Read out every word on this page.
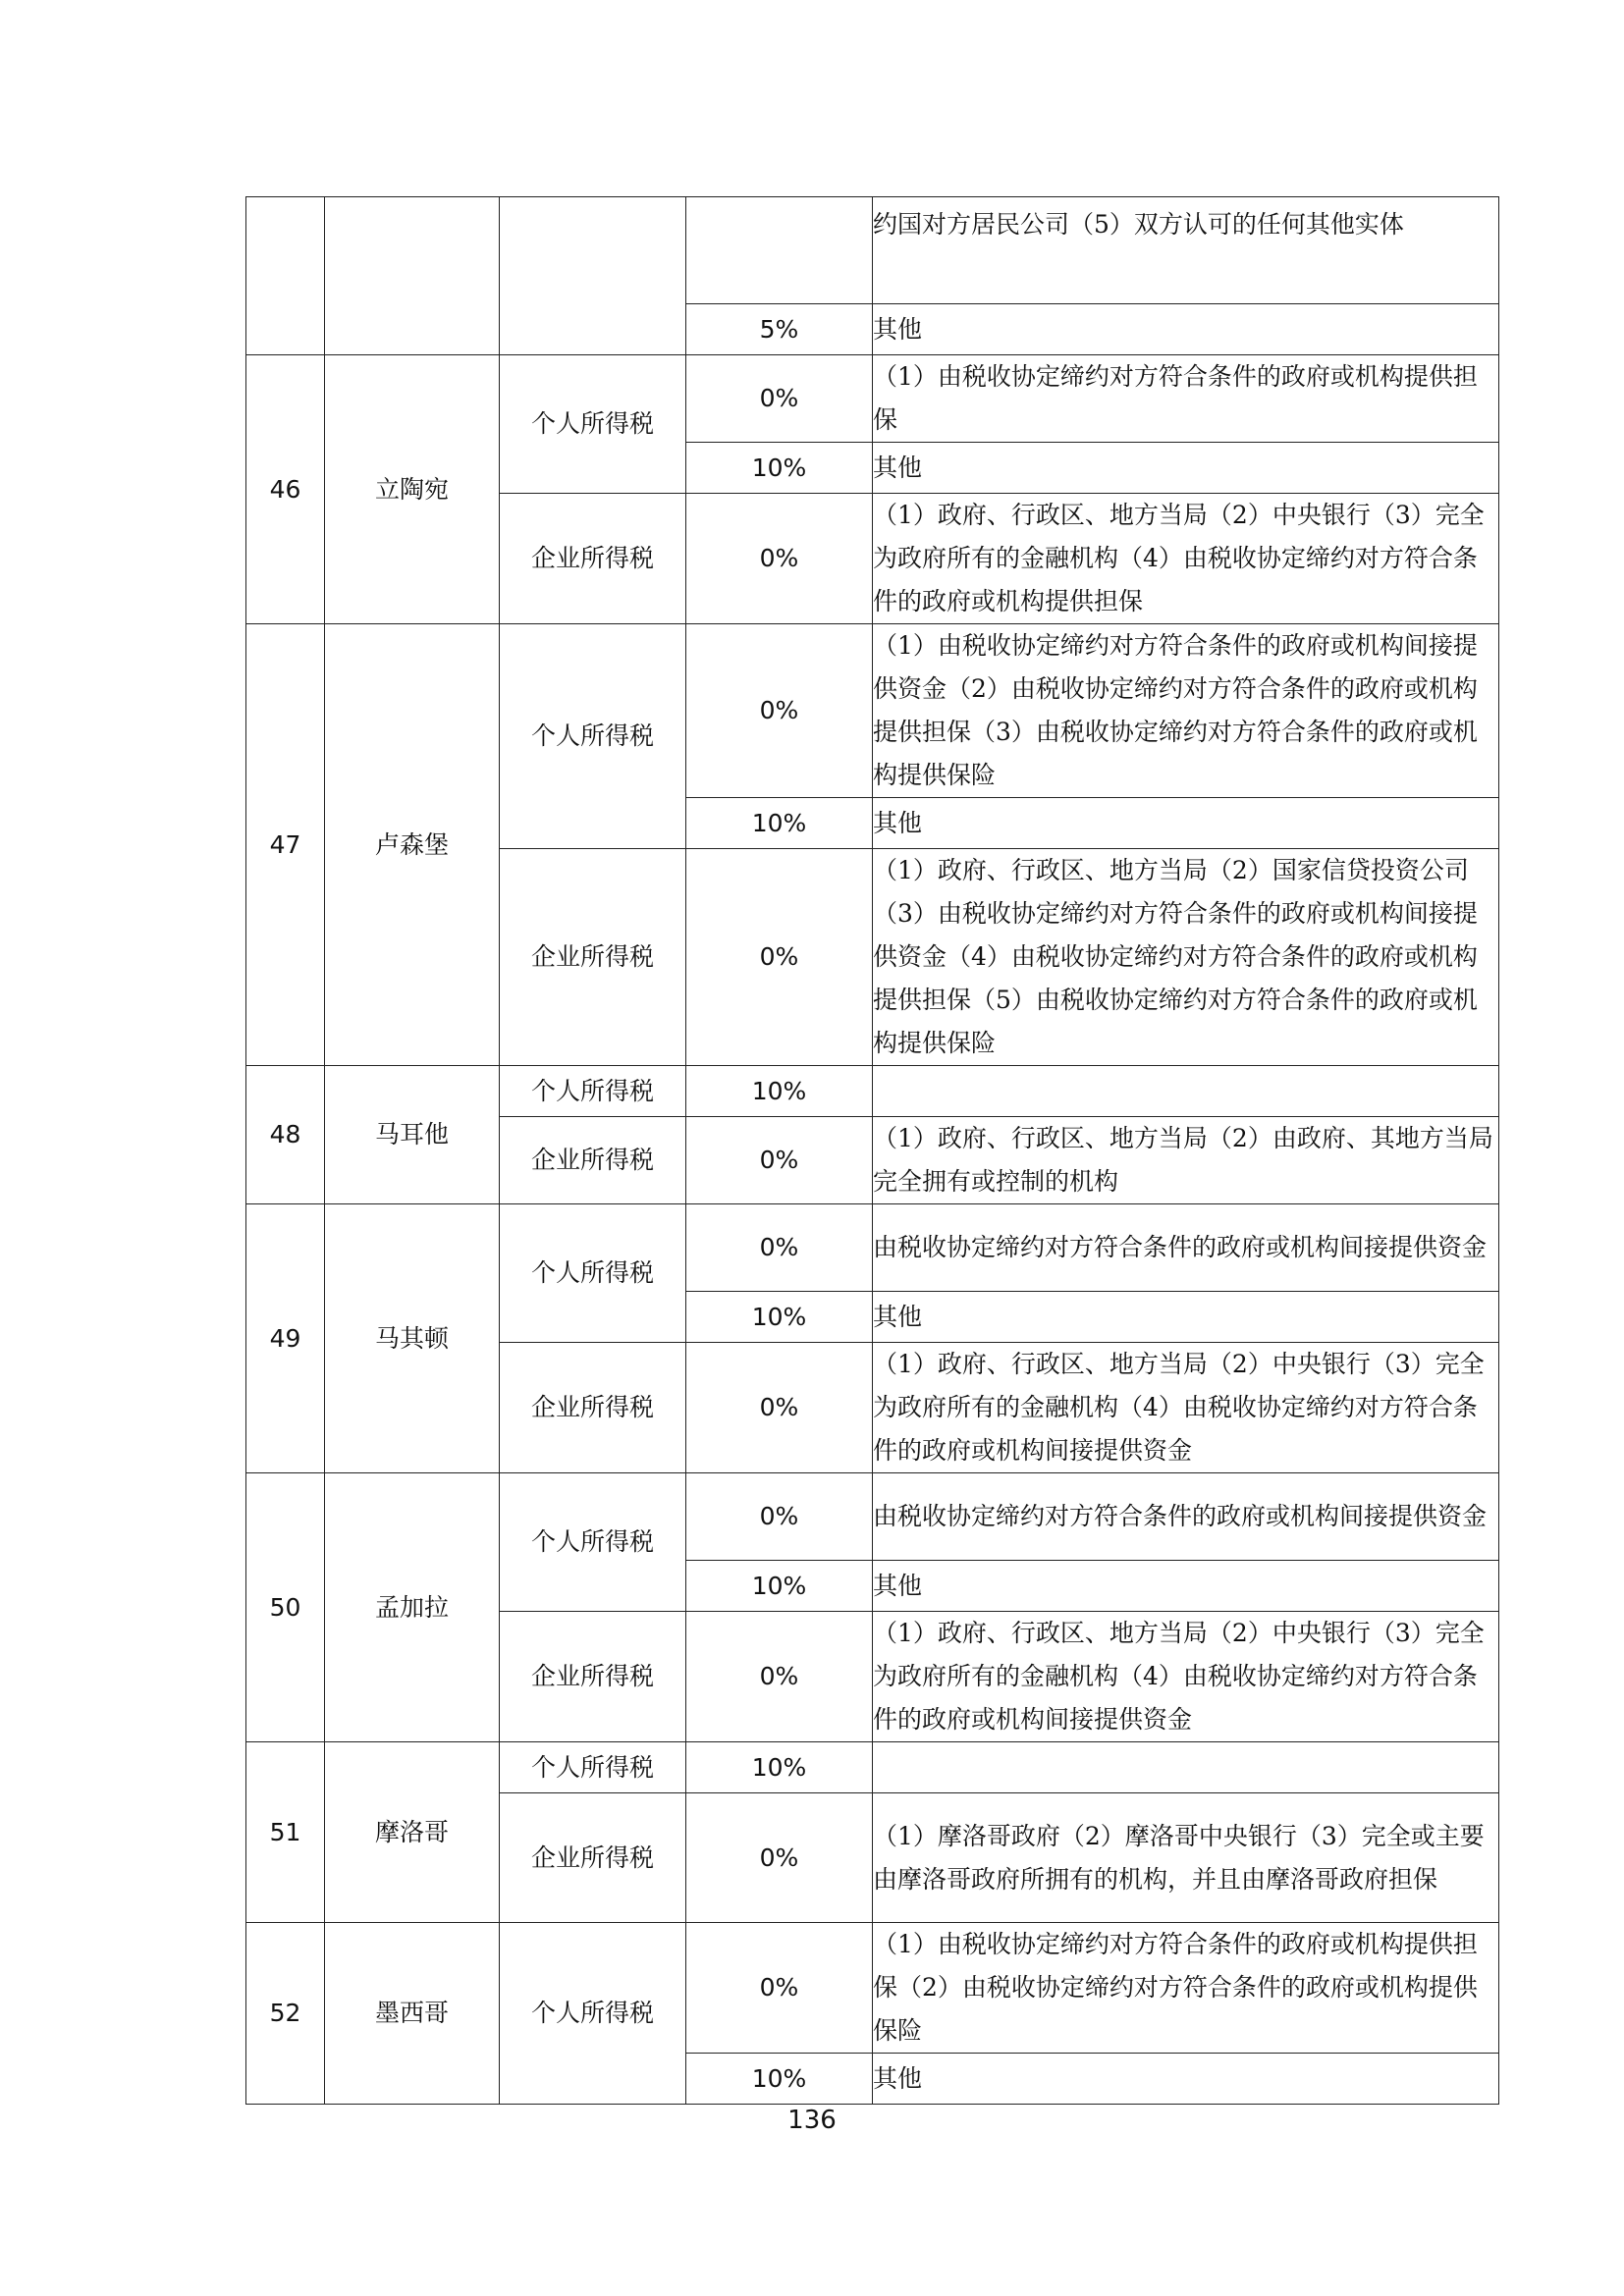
				约国对方居民公司（5）双方认可的任何其他实体
			5%	其他
46	立陶宛	个人所得税	0%	（1）由税收协定缔约对方符合条件的政府或机构提供担保
			10%	其他
		企业所得税	0%	（1）政府、行政区、地方当局（2）中央银行（3）完全为政府所有的金融机构（4）由税收协定缔约对方符合条件的政府或机构提供担保
47	卢森堡	个人所得税	0%	（1）由税收协定缔约对方符合条件的政府或机构间接提供资金（2）由税收协定缔约对方符合条件的政府或机构提供担保（3）由税收协定缔约对方符合条件的政府或机构提供保险
			10%	其他
		企业所得税	0%	（1）政府、行政区、地方当局（2）国家信贷投资公司（3）由税收协定缔约对方符合条件的政府或机构间接提供资金（4）由税收协定缔约对方符合条件的政府或机构提供担保（5）由税收协定缔约对方符合条件的政府或机构提供保险
48	马耳他	个人所得税	10%	
		企业所得税	0%	（1）政府、行政区、地方当局（2）由政府、其地方当局完全拥有或控制的机构
49	马其顿	个人所得税	0%	由税收协定缔约对方符合条件的政府或机构间接提供资金
			10%	其他
		企业所得税	0%	（1）政府、行政区、地方当局（2）中央银行（3）完全为政府所有的金融机构（4）由税收协定缔约对方符合条件的政府或机构间接提供资金
50	孟加拉	个人所得税	0%	由税收协定缔约对方符合条件的政府或机构间接提供资金
			10%	其他
		企业所得税	0%	（1）政府、行政区、地方当局（2）中央银行（3）完全为政府所有的金融机构（4）由税收协定缔约对方符合条件的政府或机构间接提供资金
51	摩洛哥	个人所得税	10%	
		企业所得税	0%	（1）摩洛哥政府（2）摩洛哥中央银行（3）完全或主要由摩洛哥政府所拥有的机构，并且由摩洛哥政府担保
52	墨西哥	个人所得税	0%	（1）由税收协定缔约对方符合条件的政府或机构提供担保（2）由税收协定缔约对方符合条件的政府或机构提供保险
			10%	其他
136
